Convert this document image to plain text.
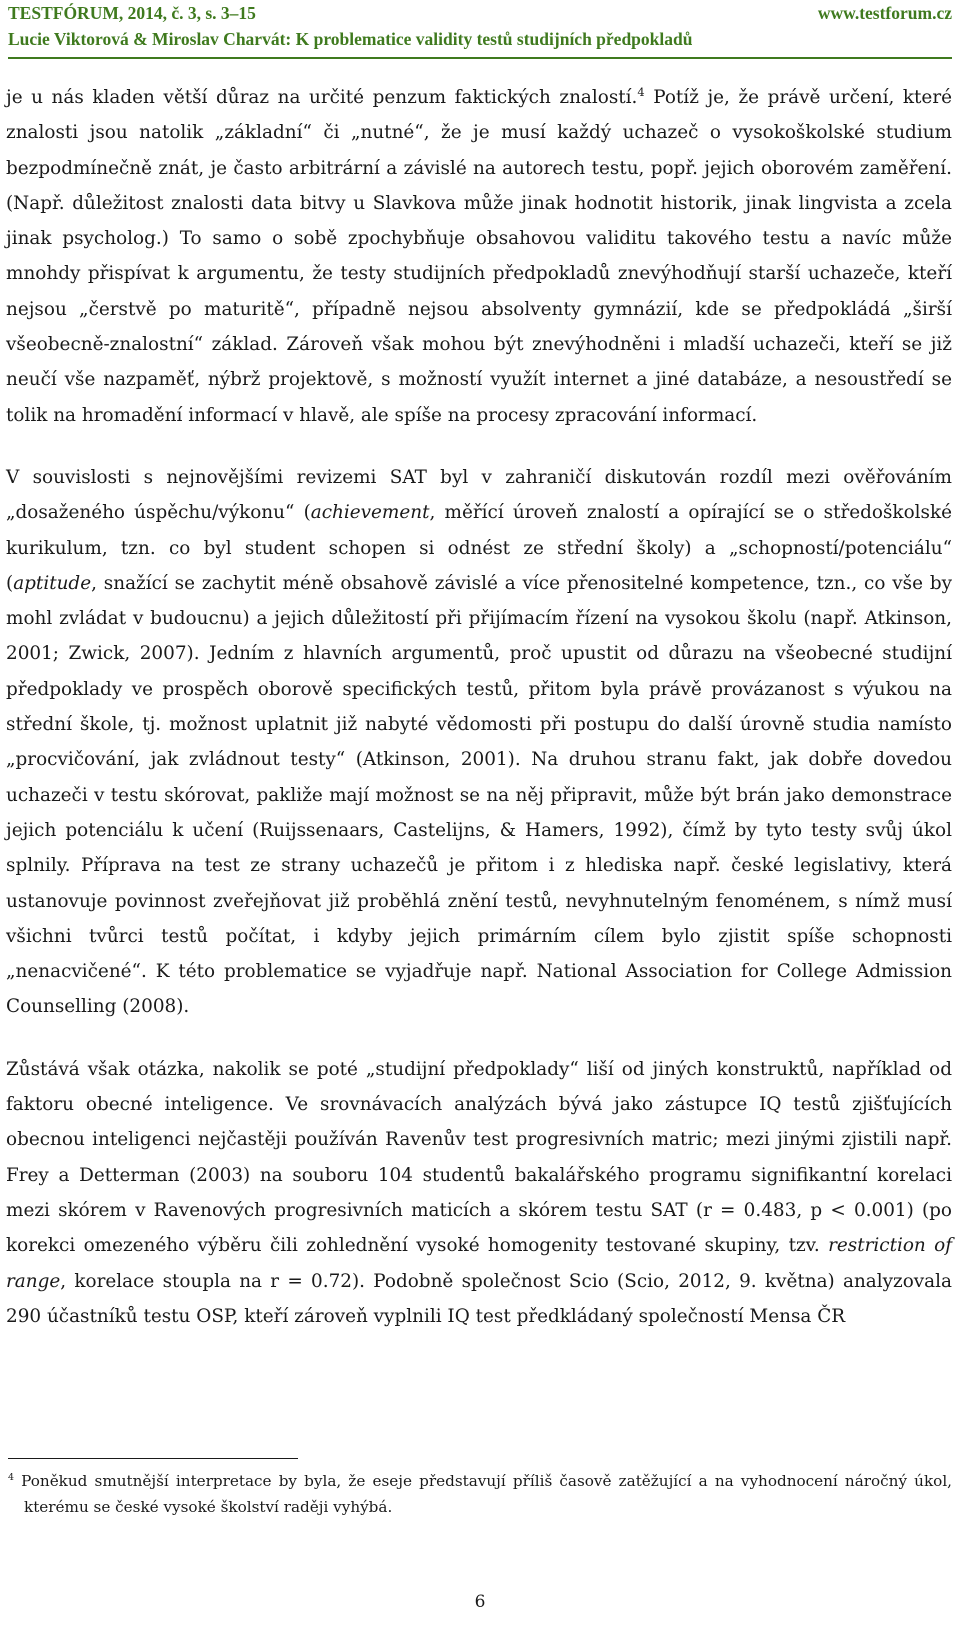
TESTFÓRUM, 2014, č. 3, s. 3–15	www.testforum.cz
Lucie Viktorová & Miroslav Charvát: K problematice validity testů studijních předpokladů

je u nás kladen větší důraz na určité penzum faktických znalostí.$^4$ Potíž je, že právě určení, které znalosti jsou natolik „základní“ či „nutné“, že je musí každý uchazeč o vysokoškolské studium bezpodmínečně znát, je často arbitrární a závislé na autorech testu, popř. jejich oborovém zaměření. (Např. důležitost znalosti data bitvy u Slavkova může jinak hodnotit historik, jinak lingvista a zcela jinak psycholog.) To samo o sobě zpochybňuje obsahovou validitu takového testu a navíc může mnohdy přispívat k argumentu, že testy studijních předpokladů znevýhodňují starší uchazeče, kteří nejsou „čerstvě po maturitě“, případně nejsou absolventy gymnázií, kde se předpokládá „širší všeobecně-znalostní“ základ. Zároveň však mohou být znevýhodněni i mladší uchazeči, kteří se již neučí vše nazpaměť, nýbrž projektově, s možností využít internet a jiné databáze, a nesoustředí se tolik na hromadění informací v hlavě, ale spíše na procesy zpracování informací.

V souvislosti s nejnovějšími revizemi SAT byl v zahraničí diskutován rozdíl mezi ověřováním „dosaženého úspěchu/výkonu“ (achievement, měřící úroveň znalostí a opírající se o středoškolské kurikulum, tzn. co byl student schopen si odnést ze střední školy) a „schopností/potenciálu“ (aptitude, snažící se zachytit méně obsahově závislé a více přenositelné kompetence, tzn., co vše by mohl zvládat v budoucnu) a jejich důležitostí při přijímacím řízení na vysokou školu (např. Atkinson, 2001; Zwick, 2007). Jedním z hlavních argumentů, proč upustit od důrazu na všeobecné studijní předpoklady ve prospěch oborově specifických testů, přitom byla právě provázanost s výukou na střední škole, tj. možnost uplatnit již nabyté vědomosti při postupu do další úrovně studia namísto „procvičování, jak zvládnout testy“ (Atkinson, 2001). Na druhou stranu fakt, jak dobře dovedou uchazeči v testu skórovat, pakliže mají možnost se na něj připravit, může být brán jako demonstrace jejich potenciálu k učení (Ruijssenaars, Castelijns, & Hamers, 1992), čímž by tyto testy svůj úkol splnily. Příprava na test ze strany uchazečů je přitom i z hlediska např. české legislativy, která ustanovuje povinnost zveřejňovat již proběhlá znění testů, nevyhnutelným fenoménem, s nímž musí všichni tvůrci testů počítat, i kdyby jejich primárním cílem bylo zjistit spíše schopnosti „nenacvičené“. K této problematice se vyjadřuje např. National Association for College Admission Counselling (2008).

Zůstává však otázka, nakolik se poté „studijní předpoklady“ liší od jiných konstruktů, například od faktoru obecné inteligence. Ve srovnávacích analýzách bývá jako zástupce IQ testů zjišťujících obecnou inteligenci nejčastěji používán Ravenův test progresivních matric; mezi jinými zjistili např. Frey a Detterman (2003) na souboru 104 studentů bakalářského programu signifikantní korelaci mezi skórem v Ravenových progresivních maticích a skórem testu SAT (r = 0.483, p < 0.001) (po korekci omezeného výběru čili zohlednění vysoké homogenity testované skupiny, tzv. restriction of range, korelace stoupla na r = 0.72). Podobně společnost Scio (Scio, 2012, 9. května) analyzovala 290 účastníků testu OSP, kteří zároveň vyplnili IQ test předkládaný společností Mensa ČR

$^4$ Poněkud smutnější interpretace by byla, že eseje představují příliš časově zatěžující a na vyhodnocení náročný úkol, kterému se české vysoké školství raději vyhýbá.
6
